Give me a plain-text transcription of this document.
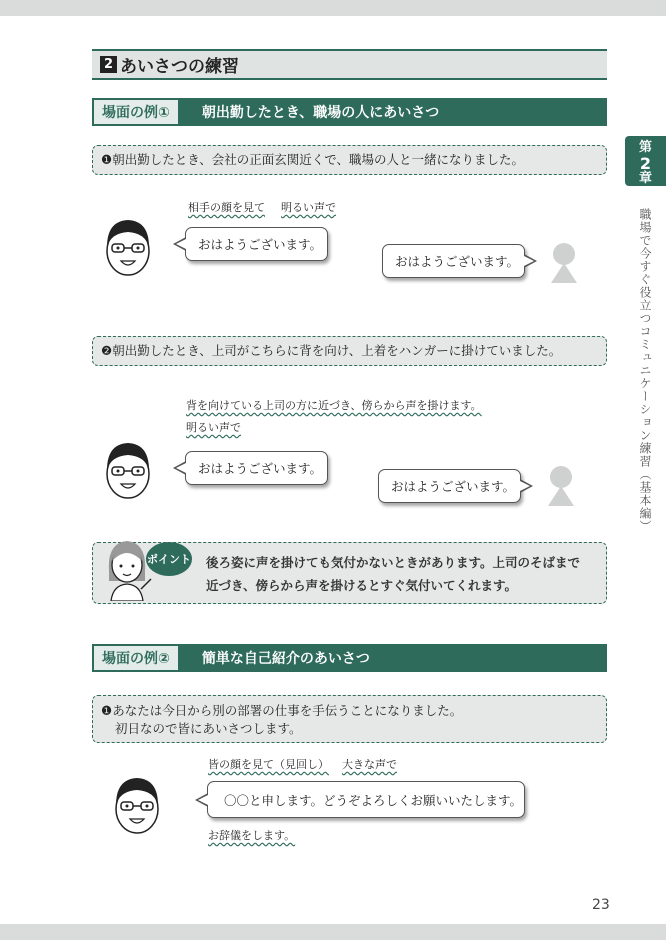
2 あいさつの練習
場面の例①	朝出勤したとき、職場の人にあいさつ
❶朝出勤したとき、会社の正面玄関近くで、職場の人と一緒になりました。
相手の顔を見て 明るい声で
おはようございます。
おはようございます。
❷朝出勤したとき、上司がこちらに背を向け、上着をハンガーに掛けていました。
背を向けている上司の方に近づき、傍らから声を掛けます。
明るい声で
おはようございます。
おはようございます。
ポイント 後ろ姿に声を掛けても気付かないときがあります。上司のそばまで
近づき、傍らから声を掛けるとすぐ気付いてくれます。
場面の例②	簡単な自己紹介のあいさつ
❶あなたは今日から別の部署の仕事を手伝うことになりました。
初日なので皆にあいさつします。
皆の顔を見て（見回し） 大きな声で
〇〇と申します。どうぞよろしくお願いいたします。
お辞儀をします。
第
2
章
職場で今すぐ役立つコミュニケーション練習（基本編）
23
